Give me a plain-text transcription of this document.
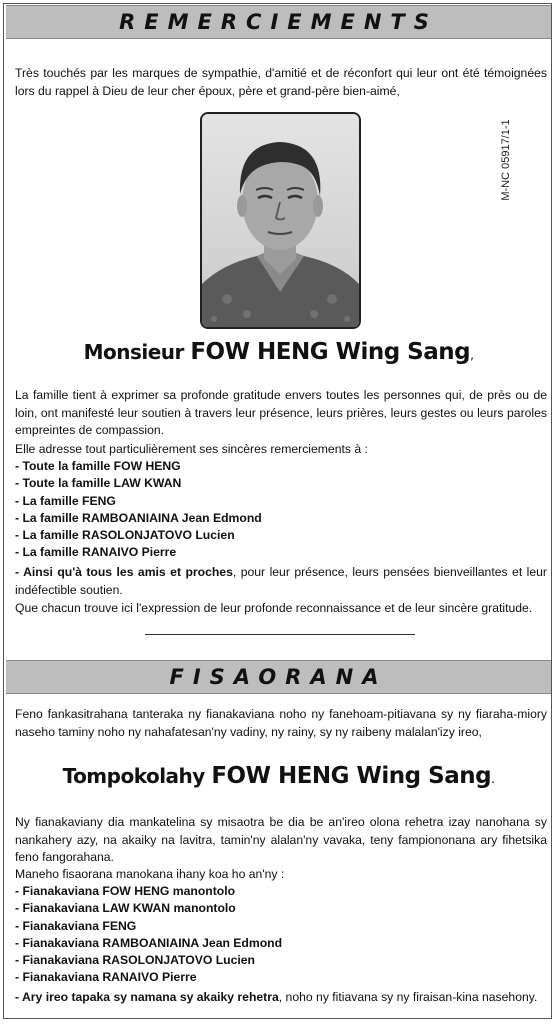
REMERCIEMENTS

Très touchés par les marques de sympathie, d'amitié et de réconfort qui leur ont été témoignées lors du rappel à Dieu de leur cher époux, père et grand-père bien-aimé,

M-NC 05917/1-1
Monsieur FOW HENG Wing Sang,

La famille tient à exprimer sa profonde gratitude envers toutes les personnes qui, de près ou de loin, ont manifesté leur soutien à travers leur présence, leurs prières, leurs gestes ou leurs paroles empreintes de compassion.

Elle adresse tout particulièrement ses sincères remerciements à :

- Toute la famille FOW HENG
- Toute la famille LAW KWAN
- La famille FENG
- La famille RAMBOANIAINA Jean Edmond
- La famille RASOLONJATOVO Lucien
- La famille RANAIVO Pierre

- Ainsi qu'à tous les amis et proches, pour leur présence, leurs pensées bienveillantes et leur indéfectible soutien.

Que chacun trouve ici l'expression de leur profonde reconnaissance et de leur sincère gratitude.

FISAORANA

Feno fankasitrahana tanteraka ny fianakaviana noho ny fanehoam-pitiavana sy ny fiaraha-miory naseho taminy noho ny nahafatesan'ny vadiny, ny rainy, sy ny raibeny malalan'izy ireo,

Tompokolahy FOW HENG Wing Sang.

Ny fianakaviany dia mankatelina sy misaotra be dia be an'ireo olona rehetra izay nanohana sy nankahery azy, na akaiky na lavitra, tamin'ny alalan'ny vavaka, teny fampiononana ary fihetsika feno fangorahana.

Maneho fisaorana manokana ihany koa ho an'ny :

- Fianakaviana FOW HENG manontolo
- Fianakaviana LAW KWAN manontolo
- Fianakaviana FENG
- Fianakaviana RAMBOANIAINA Jean Edmond
- Fianakaviana RASOLONJATOVO Lucien
- Fianakaviana RANAIVO Pierre

- Ary ireo tapaka sy namana sy akaiky rehetra, noho ny fitiavana sy ny firaisan-kina nasehony.
